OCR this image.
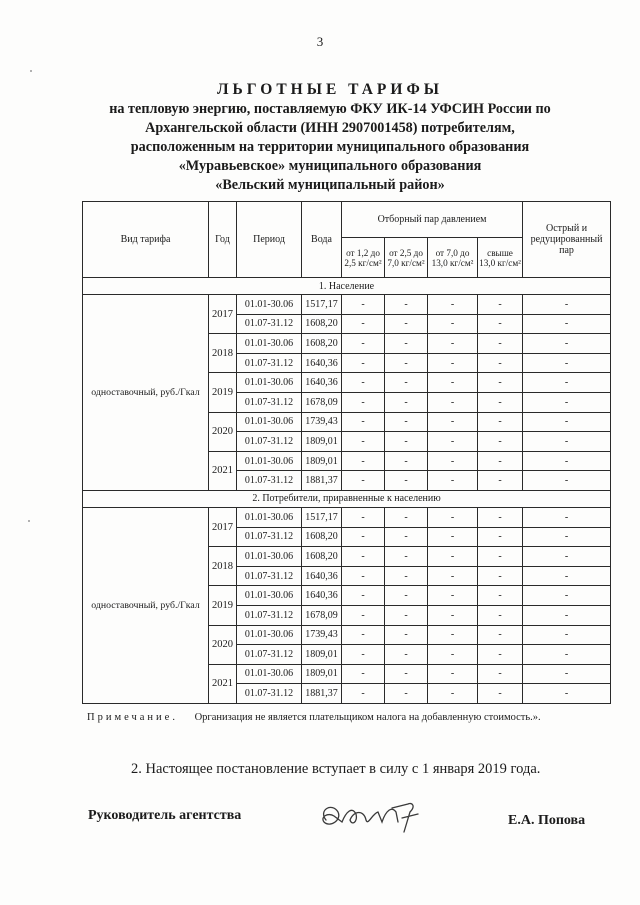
3
ЛЬГОТНЫЕ ТАРИФЫ
на тепловую энергию, поставляемую ФКУ ИК-14 УФСИН России по
Архангельской области (ИНН 2907001458) потребителям,
расположенным на территории муниципального образования
«Муравьевское» муниципального образования
«Вельский муниципальный район»
Вид тарифа	Год	Период	Вода	Отборный пар давлением				Острый и редуцированный пар
				от 1,2 до 2,5 кг/см²	от 2,5 до 7,0 кг/см²	от 7,0 до 13,0 кг/см²	свыше 13,0 кг/см²	
1. Население								
одноставочный, руб./Гкал	2017	01.01-30.06	1517,17	-	-	-	-	-
		01.07-31.12	1608,20	-	-	-	-	-
	2018	01.01-30.06	1608,20	-	-	-	-	-
		01.07-31.12	1640,36	-	-	-	-	-
	2019	01.01-30.06	1640,36	-	-	-	-	-
		01.07-31.12	1678,09	-	-	-	-	-
	2020	01.01-30.06	1739,43	-	-	-	-	-
		01.07-31.12	1809,01	-	-	-	-	-
	2021	01.01-30.06	1809,01	-	-	-	-	-
		01.07-31.12	1881,37	-	-	-	-	-
2. Потребители, приравненные к населению								
одноставочный, руб./Гкал	2017	01.01-30.06	1517,17	-	-	-	-	-
		01.07-31.12	1608,20	-	-	-	-	-
	2018	01.01-30.06	1608,20	-	-	-	-	-
		01.07-31.12	1640,36	-	-	-	-	-
	2019	01.01-30.06	1640,36	-	-	-	-	-
		01.07-31.12	1678,09	-	-	-	-	-
	2020	01.01-30.06	1739,43	-	-	-	-	-
		01.07-31.12	1809,01	-	-	-	-	-
	2021	01.01-30.06	1809,01	-	-	-	-	-
		01.07-31.12	1881,37	-	-	-	-	-
Примечание. Организация не является плательщиком налога на добавленную стоимость.».
2. Настоящее постановление вступает в силу с 1 января 2019 года.
Руководитель агентства	Е.А. Попова
